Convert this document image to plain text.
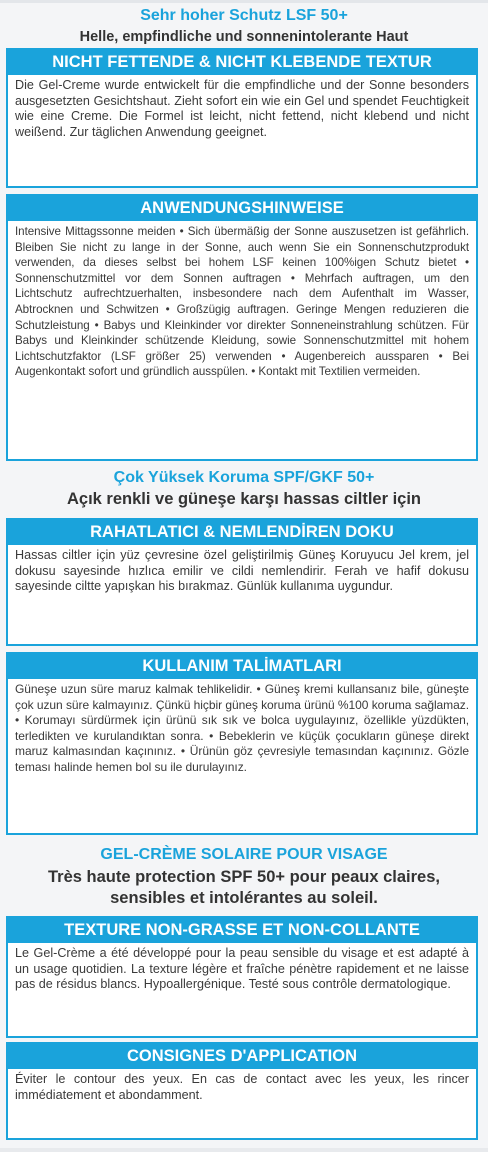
Sehr hoher Schutz LSF 50+
Helle, empfindliche und sonnenintolerante Haut
NICHT FETTENDE & NICHT KLEBENDE TEXTUR
Die Gel-Creme wurde entwickelt für die empfindliche und der Sonne besonders ausgesetzten Gesichtshaut. Zieht sofort ein wie ein Gel und spendet Feuchtigkeit wie eine Creme. Die Formel ist leicht, nicht fettend, nicht klebend und nicht weißend. Zur täglichen Anwendung geeignet.
ANWENDUNGSHINWEISE
Intensive Mittagssonne meiden • Sich übermäßig der Sonne auszusetzen ist gefährlich. Bleiben Sie nicht zu lange in der Sonne, auch wenn Sie ein Sonnenschutzprodukt verwenden, da dieses selbst bei hohem LSF keinen 100%igen Schutz bietet • Sonnenschutzmittel vor dem Sonnen auftragen • Mehrfach auftragen, um den Lichtschutz aufrechtzuerhalten, insbesondere nach dem Aufenthalt im Wasser, Abtrocknen und Schwitzen • Großzügig auftragen. Geringe Mengen reduzieren die Schutzleistung • Babys und Kleinkinder vor direkter Sonneneinstrahlung schützen. Für Babys und Kleinkinder schützende Kleidung, sowie Sonnenschutzmittel mit hohem Lichtschutzfaktor (LSF größer 25) verwenden • Augenbereich aussparen • Bei Augenkontakt sofort und gründlich ausspülen. • Kontakt mit Textilien vermeiden.
Çok Yüksek Koruma SPF/GKF 50+
Açık renkli ve güneşe karşı hassas ciltler için
RAHATLATICI & NEMLENDİREN DOKU
Hassas ciltler için yüz çevresine özel geliştirilmiş Güneş Koruyucu Jel krem, jel dokusu sayesinde hızlıca emilir ve cildi nemlendirir. Ferah ve hafif dokusu sayesinde ciltte yapışkan his bırakmaz. Günlük kullanıma uygundur.
KULLANIM TALİMATLARI
Güneşe uzun süre maruz kalmak tehlikelidir. • Güneş kremi kullansanız bile, güneşte çok uzun süre kalmayınız. Çünkü hiçbir güneş koruma ürünü %100 koruma sağlamaz. • Korumayı sürdürmek için ürünü sık sık ve bolca uygulayınız, özellikle yüzdükten, terledikten ve kurulandıktan sonra. • Bebeklerin ve küçük çocukların güneşe direkt maruz kalmasından kaçınınız. • Ürünün göz çevresiyle temasından kaçınınız. Gözle teması halinde hemen bol su ile durulayınız.
GEL-CRÈME SOLAIRE POUR VISAGE
Très haute protection SPF 50+ pour peaux claires,
sensibles et intolérantes au soleil.
TEXTURE NON-GRASSE ET NON-COLLANTE
Le Gel-Crème a été développé pour la peau sensible du visage et est adapté à un usage quotidien. La texture légère et fraîche pénètre rapidement et ne laisse pas de résidus blancs. Hypoallergénique. Testé sous contrôle dermatologique.
CONSIGNES D'APPLICATION
Éviter le contour des yeux. En cas de contact avec les yeux, les rincer immédiatement et abondamment.
